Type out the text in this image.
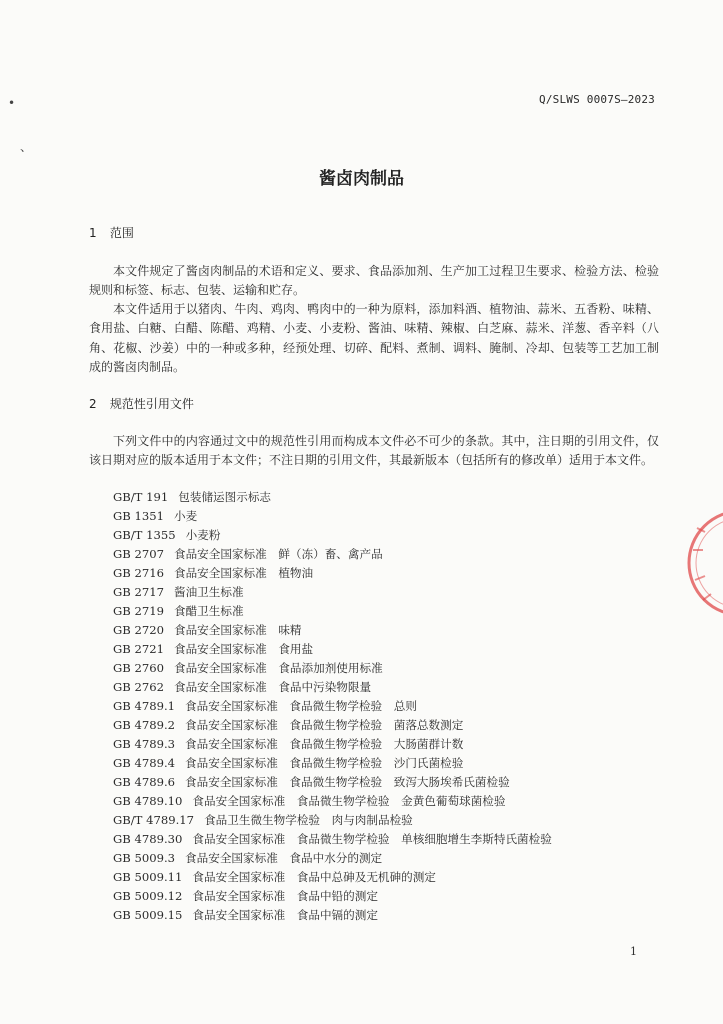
•
、
Q/SLWS 0007S—2023
酱卤肉制品
1 范围

本文件规定了酱卤肉制品的术语和定义、要求、食品添加剂、生产加工过程卫生要求、检验方法、检验规则和标签、标志、包装、运输和贮存。

本文件适用于以猪肉、牛肉、鸡肉、鸭肉中的一种为原料，添加料酒、植物油、蒜米、五香粉、味精、食用盐、白糖、白醋、陈醋、鸡精、小麦、小麦粉、酱油、味精、辣椒、白芝麻、蒜米、洋葱、香辛料（八角、花椒、沙姜）中的一种或多种，经预处理、切碎、配料、煮制、调料、腌制、冷却、包装等工艺加工制成的酱卤肉制品。

2 规范性引用文件

下列文件中的内容通过文中的规范性引用而构成本文件必不可少的条款。其中，注日期的引用文件，仅该日期对应的版本适用于本文件；不注日期的引用文件，其最新版本（包括所有的修改单）适用于本文件。

GB/T 191 包装储运图示标志
GB 1351 小麦
GB/T 1355 小麦粉
GB 2707 食品安全国家标准　鲜（冻）畜、禽产品
GB 2716 食品安全国家标准　植物油
GB 2717 酱油卫生标准
GB 2719 食醋卫生标准
GB 2720 食品安全国家标准　味精
GB 2721 食品安全国家标准　食用盐
GB 2760 食品安全国家标准　食品添加剂使用标准
GB 2762 食品安全国家标准　食品中污染物限量
GB 4789.1 食品安全国家标准　食品微生物学检验　总则
GB 4789.2 食品安全国家标准　食品微生物学检验　菌落总数测定
GB 4789.3 食品安全国家标准　食品微生物学检验　大肠菌群计数
GB 4789.4 食品安全国家标准　食品微生物学检验　沙门氏菌检验
GB 4789.6 食品安全国家标准　食品微生物学检验　致泻大肠埃希氏菌检验
GB 4789.10 食品安全国家标准　食品微生物学检验　金黄色葡萄球菌检验
GB/T 4789.17 食品卫生微生物学检验　肉与肉制品检验
GB 4789.30 食品安全国家标准　食品微生物学检验　单核细胞增生李斯特氏菌检验
GB 5009.3 食品安全国家标准　食品中水分的测定
GB 5009.11 食品安全国家标准　食品中总砷及无机砷的测定
GB 5009.12 食品安全国家标准　食品中铅的测定
GB 5009.15 食品安全国家标准　食品中镉的测定
1
